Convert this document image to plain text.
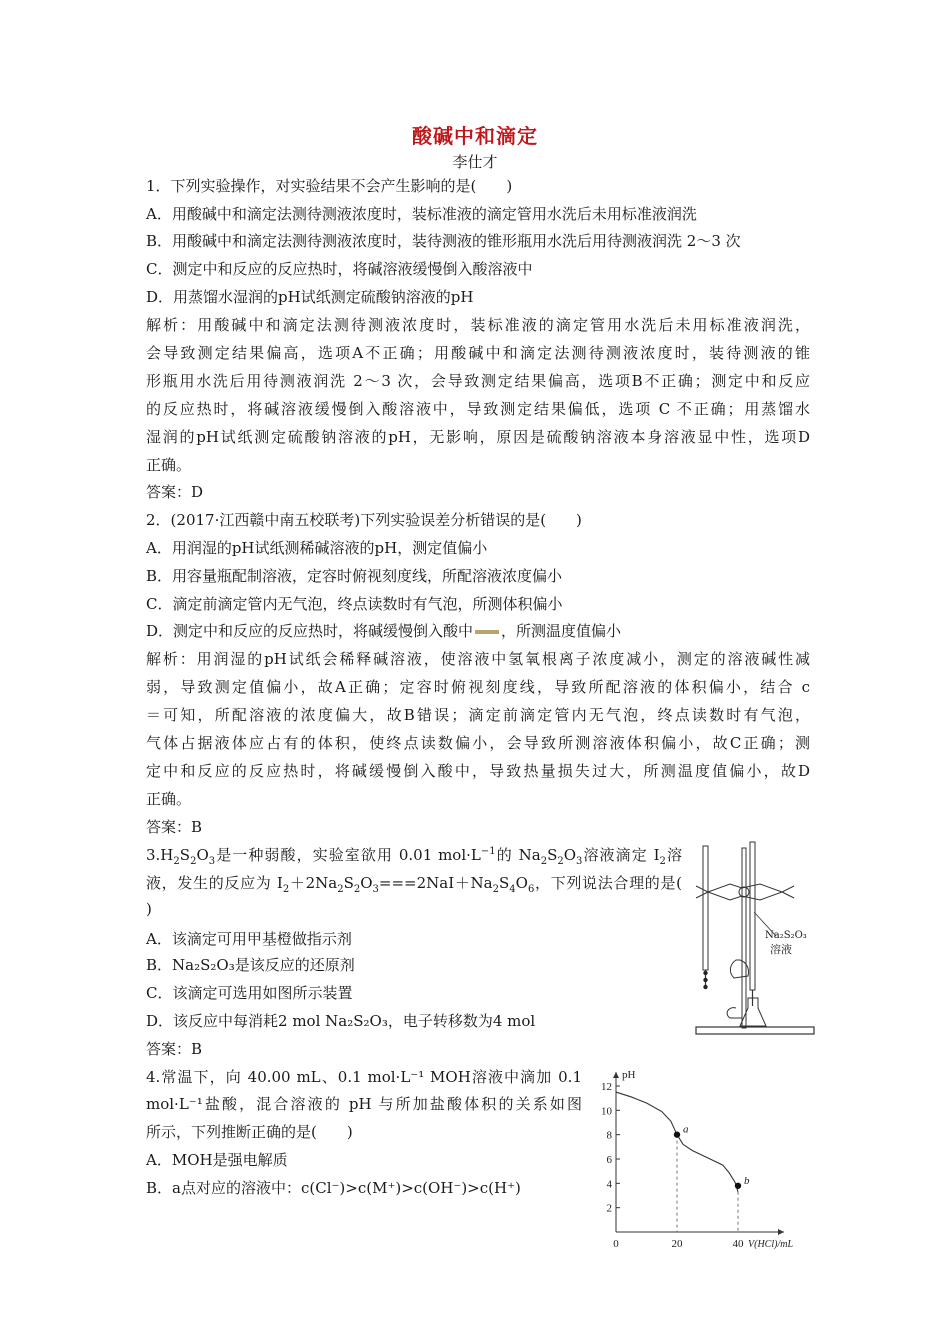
酸碱中和滴定
李仕才
1．下列实验操作，对实验结果不会产生影响的是(　　)
A．用酸碱中和滴定法测待测液浓度时，装标准液的滴定管用水洗后未用标准液润洗
B．用酸碱中和滴定法测待测液浓度时，装待测液的锥形瓶用水洗后用待测液润洗 2～3 次
C．测定中和反应的反应热时，将碱溶液缓慢倒入酸溶液中
D．用蒸馏水湿润的pH试纸测定硫酸钠溶液的pH
解析：用酸碱中和滴定法测待测液浓度时，装标准液的滴定管用水洗后未用标准液润洗，
会导致测定结果偏高，选项A不正确；用酸碱中和滴定法测待测液浓度时，装待测液的锥
形瓶用水洗后用待测液润洗 2～3 次，会导致测定结果偏高，选项B不正确；测定中和反应
的反应热时，将碱溶液缓慢倒入酸溶液中，导致测定结果偏低，选项 C 不正确；用蒸馏水
湿润的pH试纸测定硫酸钠溶液的pH，无影响，原因是硫酸钠溶液本身溶液显中性，选项D
正确。
答案：D
2．(2017·江西赣中南五校联考)下列实验误差分析错误的是(　　)
A．用润湿的pH试纸测稀碱溶液的pH，测定值偏小
B．用容量瓶配制溶液，定容时俯视刻度线，所配溶液浓度偏小
C．滴定前滴定管内无气泡，终点读数时有气泡，所测体积偏小
D．测定中和反应的反应热时，将碱缓慢倒入酸中 ，所测温度值偏小
解析：用润湿的pH试纸会稀释碱溶液，使溶液中氢氧根离子浓度减小，测定的溶液碱性减
弱，导致测定值偏小，故A正确；定容时俯视刻度线，导致所配溶液的体积偏小，结合 c
＝可知，所配溶液的浓度偏大，故B错误；滴定前滴定管内无气泡，终点读数时有气泡，
气体占据液体应占有的体积，使终点读数偏小，会导致所测溶液体积偏小，故C正确；测
定中和反应的反应热时，将碱缓慢倒入酸中，导致热量损失过大，所测温度值偏小，故D
正确。
答案：B
$3.H_2S_2O_3$是一种弱酸，实验室欲用 0.01 $mol\cdot L^{-1}$的 $Na_2S_2O_3$溶液滴定 $I_2$溶
液，发生的反应为 $I_2+2Na_2S_2O_3===2NaI+Na_2S_4O_6$，下列说法合理的是(
)
A．该滴定可用甲基橙做指示剂
B．Na₂S₂O₃是该反应的还原剂
C．该滴定可选用如图所示装置
D．该反应中每消耗2 mol Na₂S₂O₃，电子转移数为4 mol
答案：B
Na₂S₂O₃
溶液
4.常温下，向 40.00 mL、0.1 mol·L⁻¹ MOH溶液中滴加 0.1
mol·L⁻¹盐酸，混合溶液的 pH 与所加盐酸体积的关系如图
所示，下列推断正确的是(　　)
A．MOH是强电解质
B．a点对应的溶液中：c(Cl⁻)>c(M⁺)>c(OH⁻)>c(H⁺)
pH
V(HCl)/mL
2
4
6
8
10
12
0	20	40
a
b
